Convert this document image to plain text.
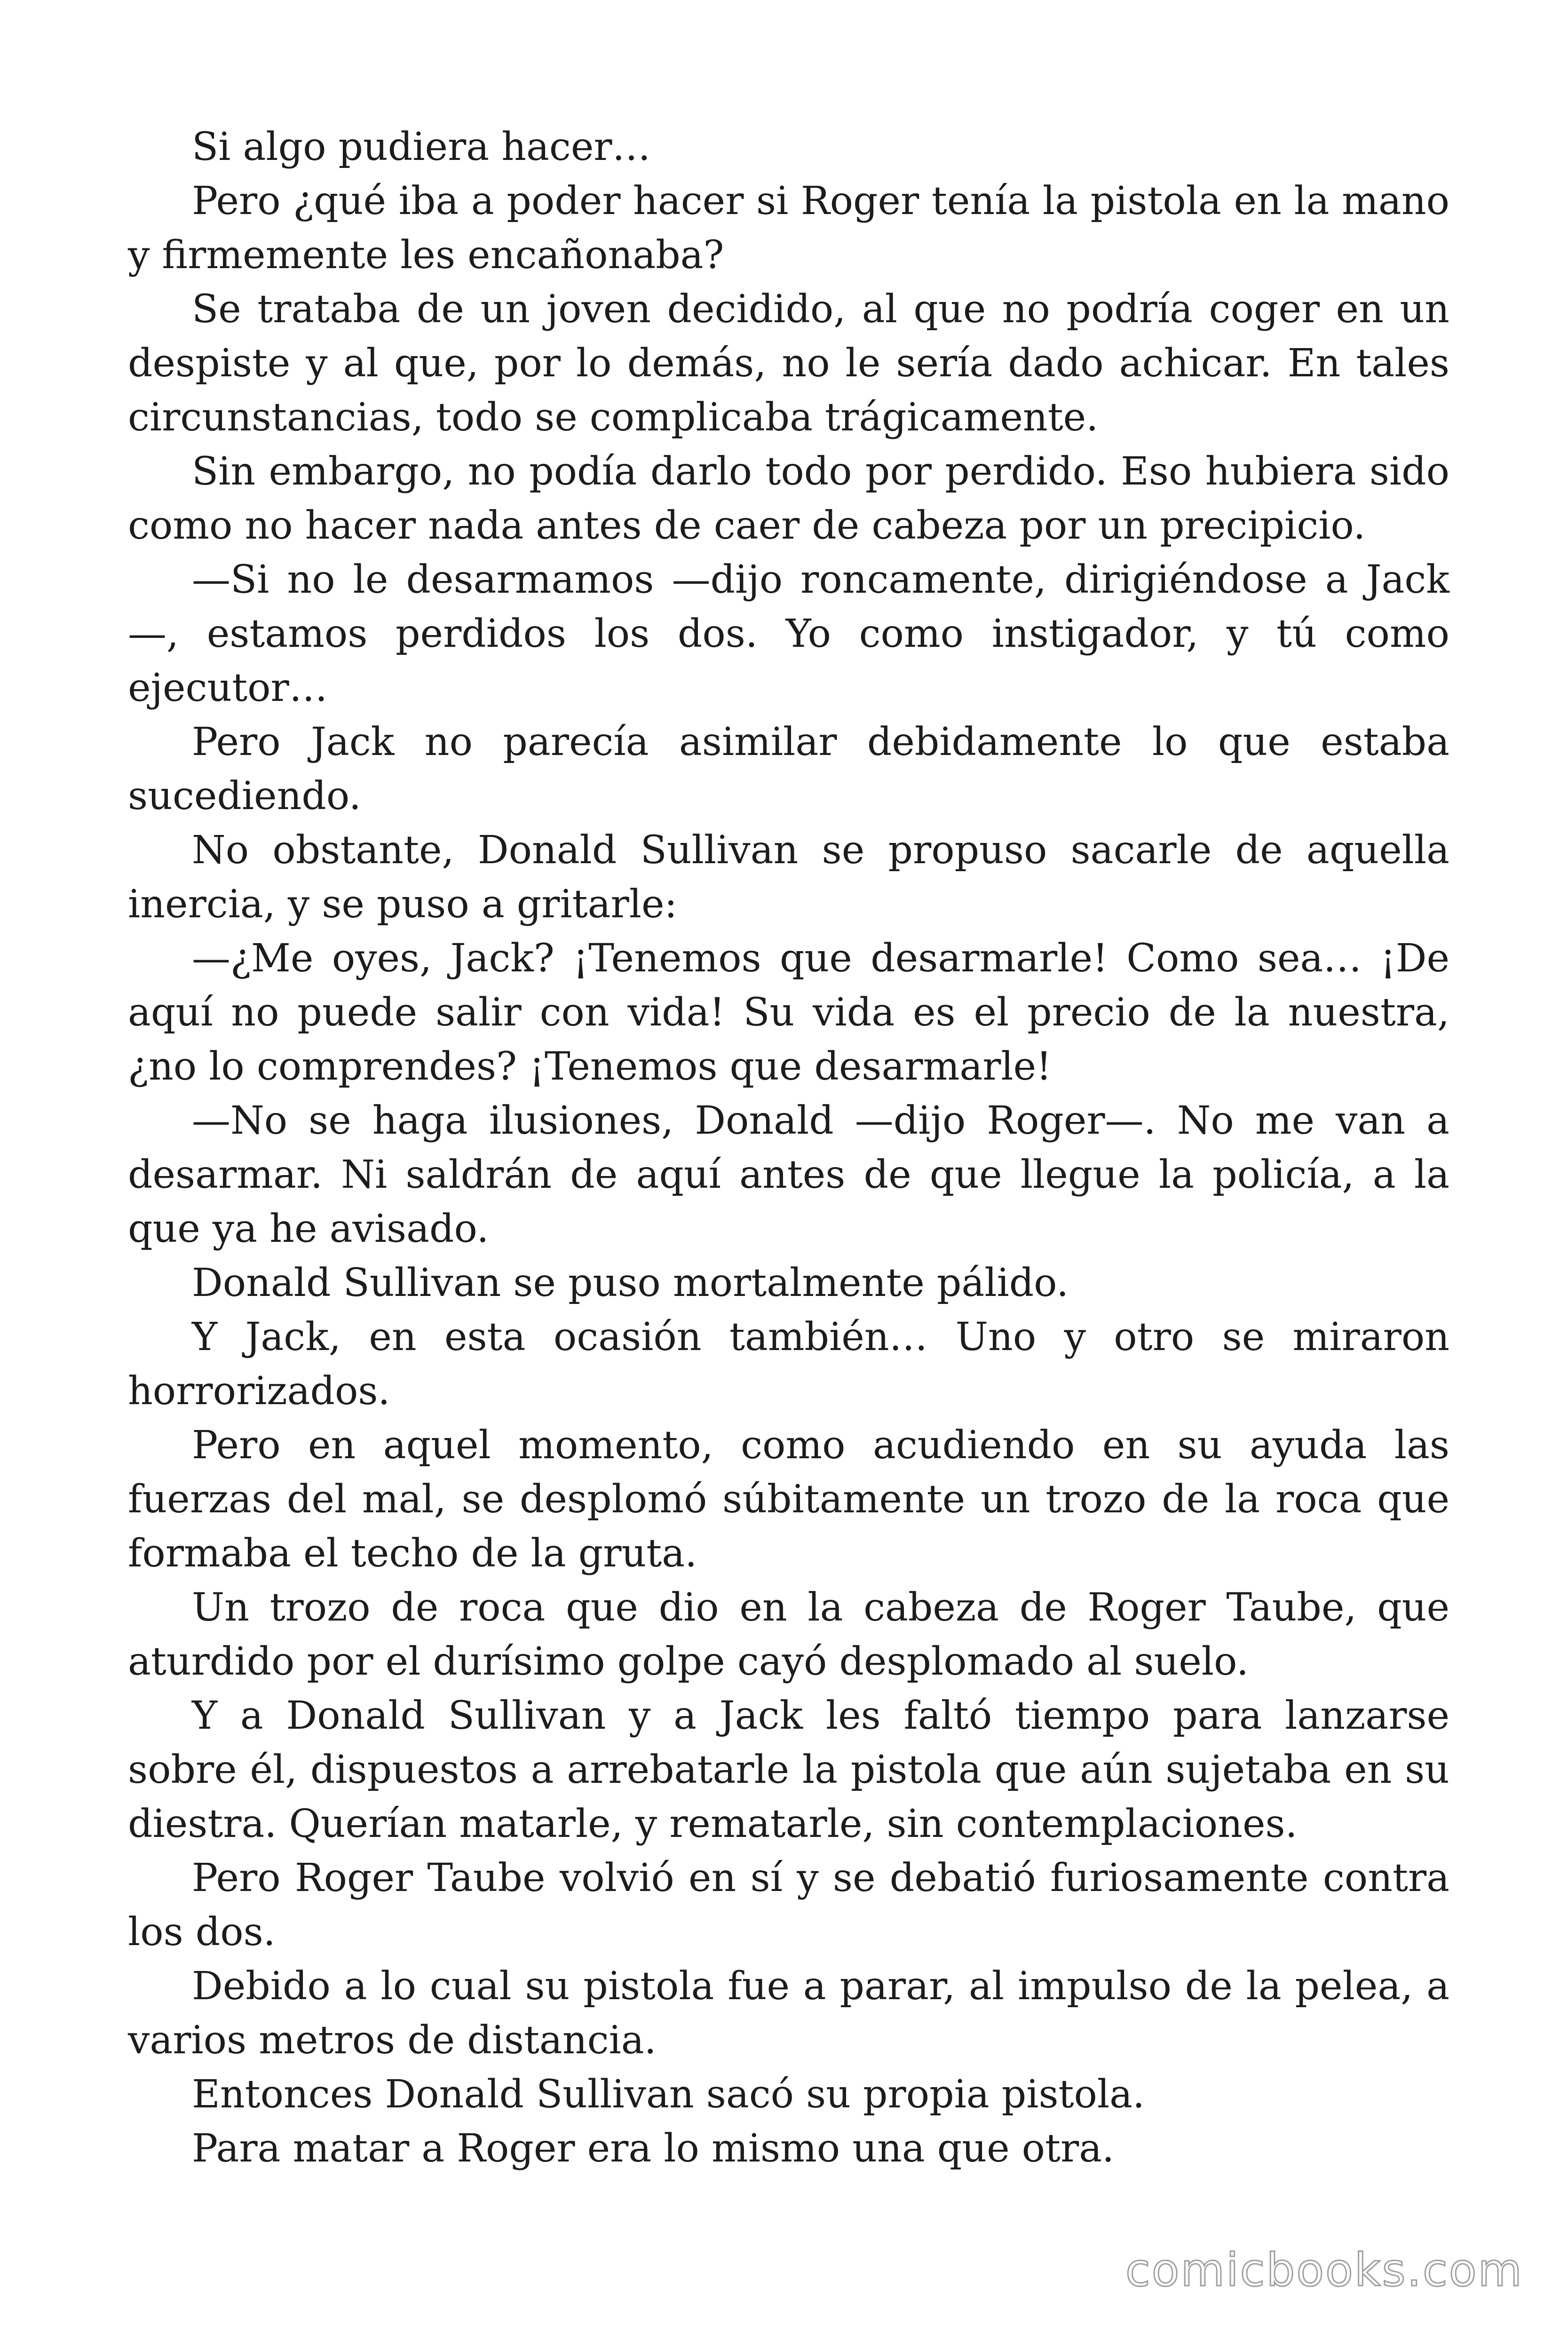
Si algo pudiera hacer…

Pero ¿qué iba a poder hacer si Roger tenía la pistola en la mano y firmemente les encañonaba?

Se trataba de un joven decidido, al que no podría coger en un despiste y al que, por lo demás, no le sería dado achicar. En tales circunstancias, todo se complicaba trágicamente.

Sin embargo, no podía darlo todo por perdido. Eso hubiera sido como no hacer nada antes de caer de cabeza por un precipicio.

—Si no le desarmamos —dijo roncamente, dirigiéndose a Jack —, estamos perdidos los dos. Yo como instigador, y tú como ejecutor…

Pero Jack no parecía asimilar debidamente lo que estaba sucediendo.

No obstante, Donald Sullivan se propuso sacarle de aquella inercia, y se puso a gritarle:

—¿Me oyes, Jack? ¡Tenemos que desarmarle! Como sea… ¡De aquí no puede salir con vida! Su vida es el precio de la nuestra, ¿no lo comprendes? ¡Tenemos que desarmarle!

—No se haga ilusiones, Donald —dijo Roger—. No me van a desarmar. Ni saldrán de aquí antes de que llegue la policía, a la que ya he avisado.

Donald Sullivan se puso mortalmente pálido.

Y Jack, en esta ocasión también… Uno y otro se miraron horrorizados.

Pero en aquel momento, como acudiendo en su ayuda las fuerzas del mal, se desplomó súbitamente un trozo de la roca que formaba el techo de la gruta.

Un trozo de roca que dio en la cabeza de Roger Taube, que aturdido por el durísimo golpe cayó desplomado al suelo.

Y a Donald Sullivan y a Jack les faltó tiempo para lanzarse sobre él, dispuestos a arrebatarle la pistola que aún sujetaba en su diestra. Querían matarle, y rematarle, sin contemplaciones.

Pero Roger Taube volvió en sí y se debatió furiosamente contra los dos.

Debido a lo cual su pistola fue a parar, al impulso de la pelea, a varios metros de distancia.

Entonces Donald Sullivan sacó su propia pistola.

Para matar a Roger era lo mismo una que otra.

comicbooks.com
